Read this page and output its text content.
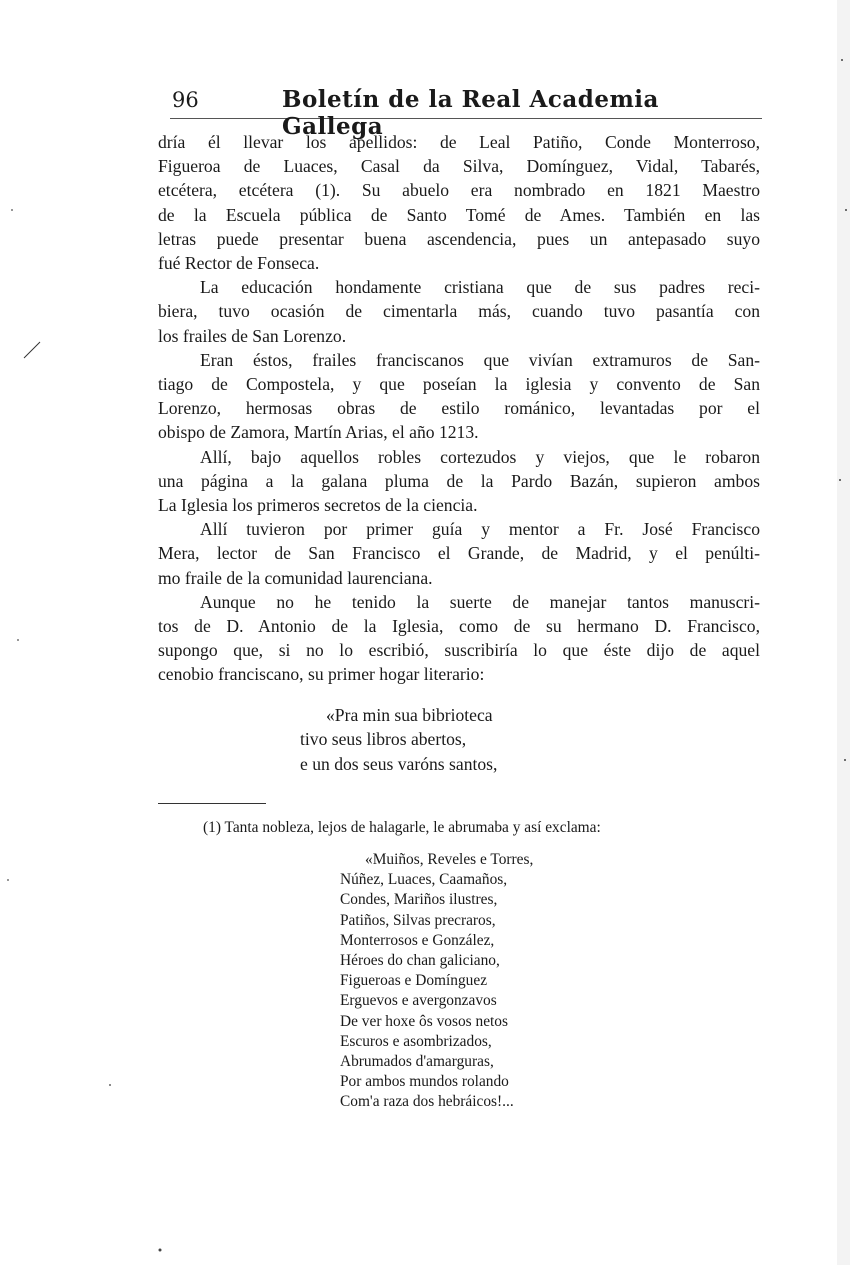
96	Boletín de la Real Academia Gallega
dría él llevar los apellidos: de Leal Patiño, Conde Monterroso,
Figueroa de Luaces, Casal da Silva, Domínguez, Vidal, Tabarés,
etcétera, etcétera (1). Su abuelo era nombrado en 1821 Maestro
de la Escuela pública de Santo Tomé de Ames. También en las
letras puede presentar buena ascendencia, pues un antepasado suyo
fué Rector de Fonseca.
La educación hondamente cristiana que de sus padres reci-
biera, tuvo ocasión de cimentarla más, cuando tuvo pasantía con
los frailes de San Lorenzo.
Eran éstos, frailes franciscanos que vivían extramuros de San-
tiago de Compostela, y que poseían la iglesia y convento de San
Lorenzo, hermosas obras de estilo románico, levantadas por el
obispo de Zamora, Martín Arias, el año 1213.
Allí, bajo aquellos robles cortezudos y viejos, que le robaron
una página a la galana pluma de la Pardo Bazán, supieron ambos
La Iglesia los primeros secretos de la ciencia.
Allí tuvieron por primer guía y mentor a Fr. José Francisco
Mera, lector de San Francisco el Grande, de Madrid, y el penúlti-
mo fraile de la comunidad laurenciana.
Aunque no he tenido la suerte de manejar tantos manuscri-
tos de D. Antonio de la Iglesia, como de su hermano D. Francisco,
supongo que, si no lo escribió, suscribiría lo que éste dijo de aquel
cenobio franciscano, su primer hogar literario:
«Pra min sua bibrioteca
tivo seus libros abertos,
e un dos seus varóns santos,
(1) Tanta nobleza, lejos de halagarle, le abrumaba y así exclama:
«Muiños, Reveles e Torres,
Núñez, Luaces, Caamaños,
Condes, Mariños ilustres,
Patiños, Silvas precraros,
Monterrosos e González,
Héroes do chan galiciano,
Figueroas e Domínguez
Erguevos e avergonzavos
De ver hoxe ôs vosos netos
Escuros e asombrizados,
Abrumados d'amarguras,
Por ambos mundos rolando
Com'a raza dos hebráicos!...
